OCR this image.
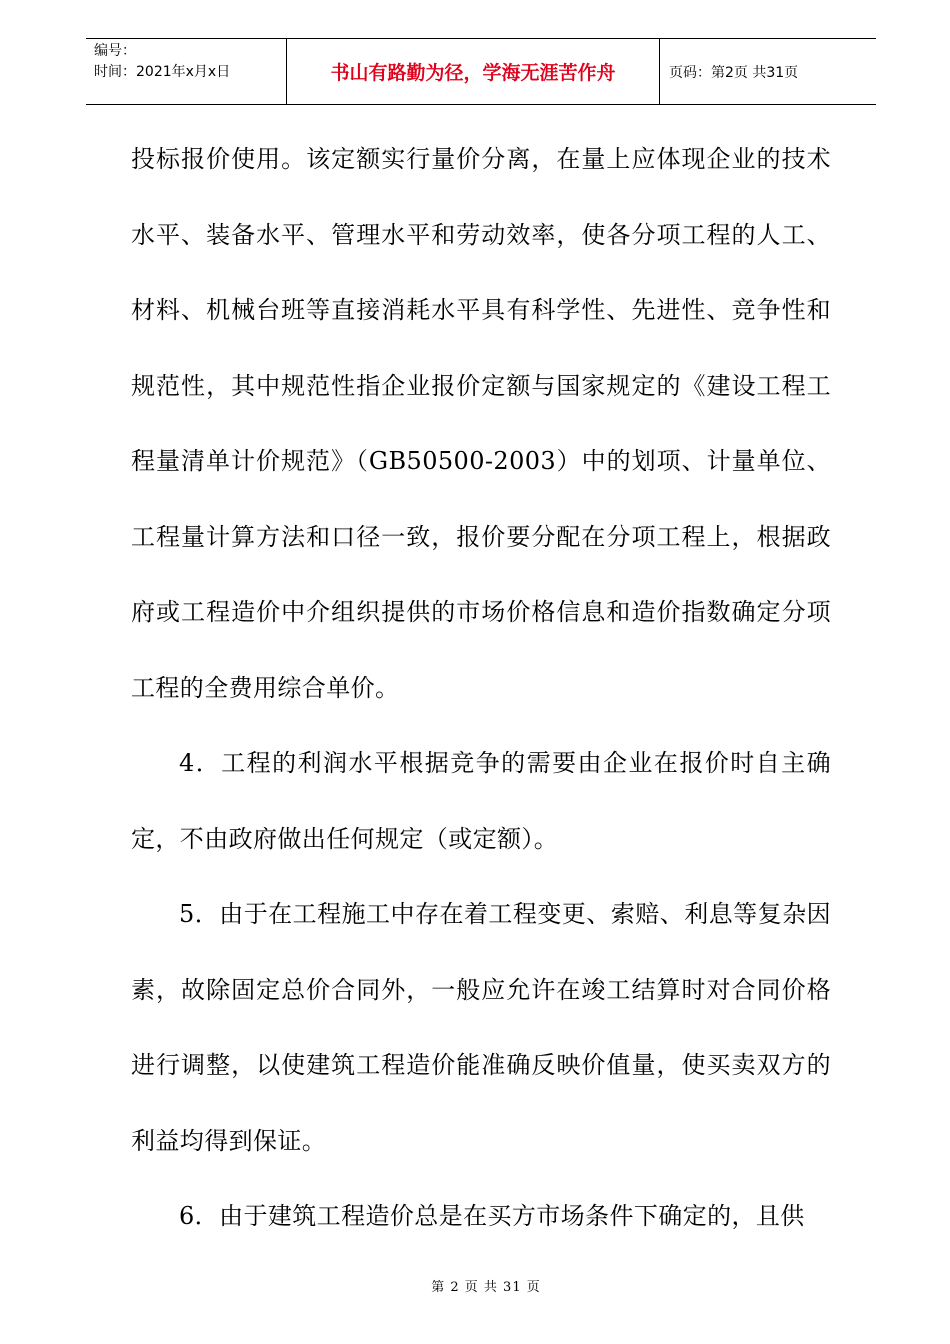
编号：
时间：2021年x月x日	书山有路勤为径，学海无涯苦作舟	页码：第2页 共31页

投标报价使用。该定额实行量价分离，在量上应体现企业的技术水平、装备水平、管理水平和劳动效率，使各分项工程的人工、材料、机械台班等直接消耗水平具有科学性、先进性、竞争性和规范性，其中规范性指企业报价定额与国家规定的《建设工程工程量清单计价规范》（GB50500-2003）中的划项、计量单位、工程量计算方法和口径一致，报价要分配在分项工程上，根据政府或工程造价中介组织提供的市场价格信息和造价指数确定分项工程的全费用综合单价。

4．工程的利润水平根据竞争的需要由企业在报价时自主确定，不由政府做出任何规定（或定额）。

5．由于在工程施工中存在着工程变更、索赔、利息等复杂因素，故除固定总价合同外，一般应允许在竣工结算时对合同价格进行调整，以使建筑工程造价能准确反映价值量，使买卖双方的利益均得到保证。

6．由于建筑工程造价总是在买方市场条件下确定的，且供

第 2 页 共 31 页
